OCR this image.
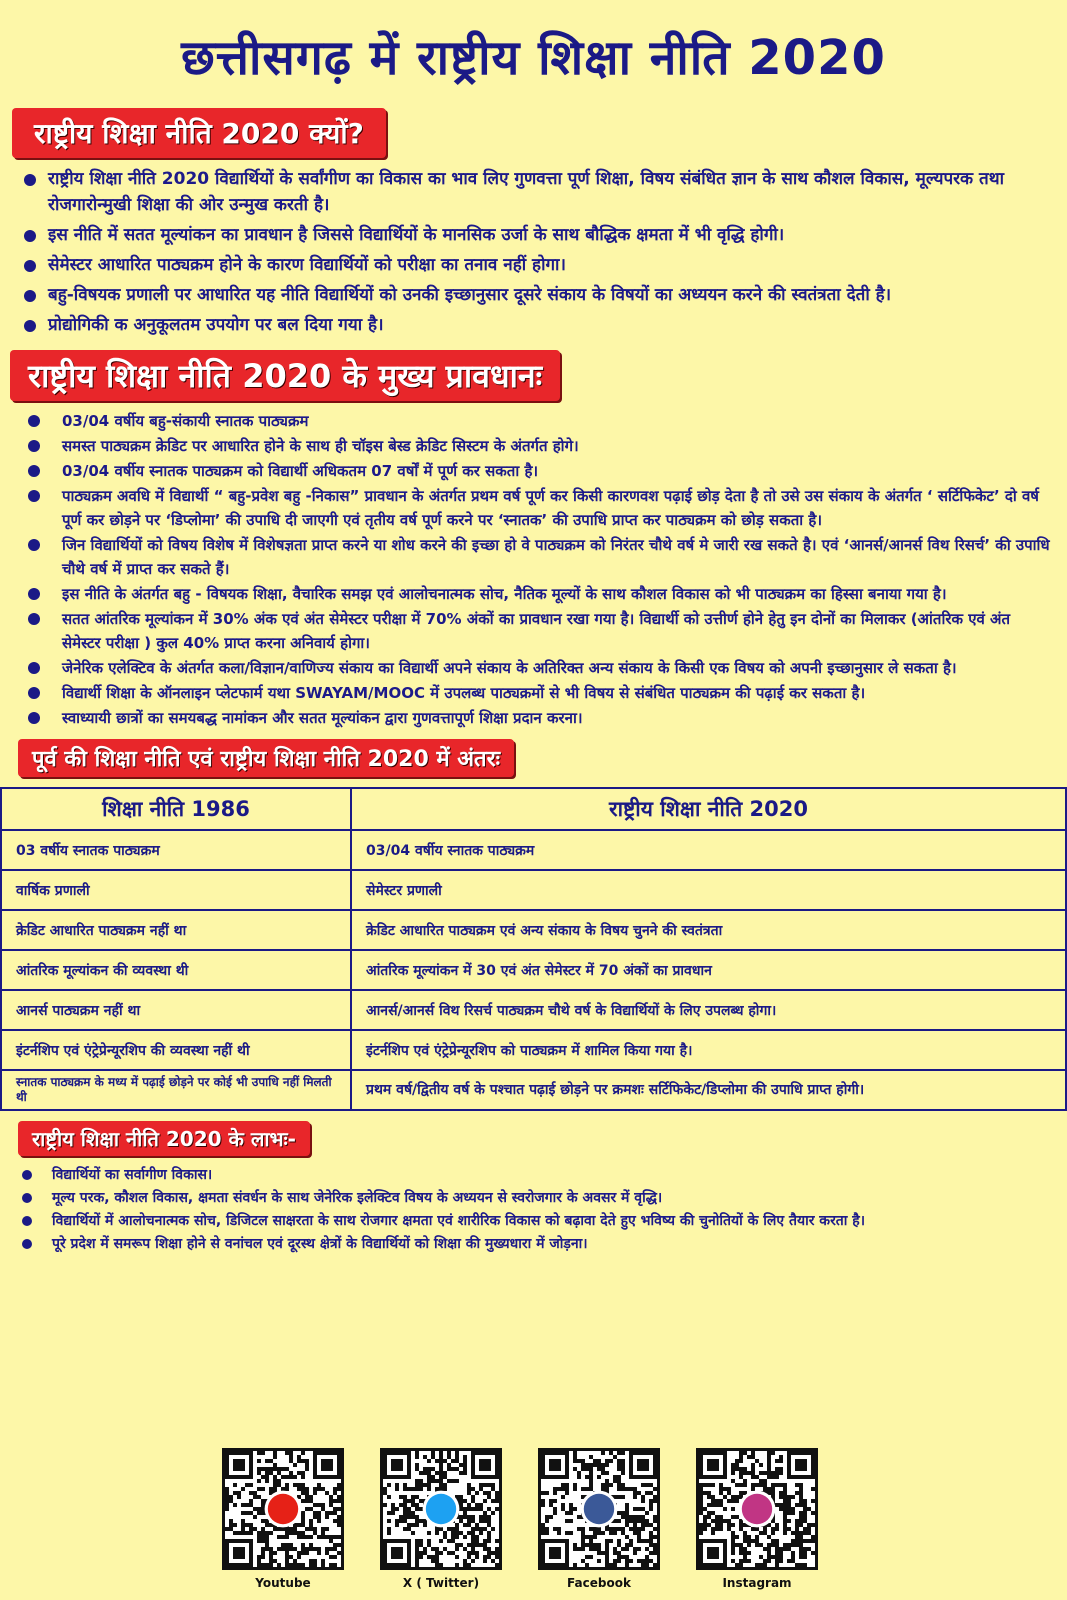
छत्तीसगढ़ में राष्ट्रीय शिक्षा नीति 2020
राष्ट्रीय शिक्षा नीति 2020 क्यों?
राष्ट्रीय शिक्षा नीति 2020 विद्यार्थियों के सर्वांगीण का विकास का भाव लिए गुणवत्ता पूर्ण शिक्षा, विषय संबंधित ज्ञान के साथ कौशल विकास, मूल्यपरक तथा रोजगारोन्मुखी शिक्षा की ओर उन्मुख करती है।
इस नीति में सतत मूल्यांकन का प्रावधान है जिससे विद्यार्थियों के मानसिक उर्जा के साथ बौद्धिक क्षमता में भी वृद्धि होगी।
सेमेस्टर आधारित पाठ्यक्रम होने के कारण विद्यार्थियों को परीक्षा का तनाव नहीं होगा।
बहु-विषयक प्रणाली पर आधारित यह नीति विद्यार्थियों को उनकी इच्छानुसार दूसरे संकाय के विषयों का अध्ययन करने की स्वतंत्रता देती है।
प्रोद्योगिकी क अनुकूलतम उपयोग पर बल दिया गया है।
राष्ट्रीय शिक्षा नीति 2020 के मुख्य प्रावधानः
03/04 वर्षीय बहु-संकायी स्नातक पाठ्यक्रम
समस्त पाठ्यक्रम क्रेडिट पर आधारित होने के साथ ही चॉइस बेस्ड क्रेडिट सिस्टम के अंतर्गत होगे।
03/04 वर्षीय स्नातक पाठ्यक्रम को विद्यार्थी अधिकतम 07 वर्षों में पूर्ण कर सकता है।
पाठ्यक्रम अवधि में विद्यार्थी “ बहु-प्रवेश बहु -निकास” प्रावधान के अंतर्गत प्रथम वर्ष पूर्ण कर किसी कारणवश पढ़ाई छोड़ देता है तो उसे उस संकाय के अंतर्गत ‘ सर्टिफिकेट’ दो वर्ष पूर्ण कर छोड़ने पर ‘डिप्लोमा’ की उपाधि दी जाएगी एवं तृतीय वर्ष पूर्ण करने पर ‘स्नातक’ की उपाधि प्राप्त कर पाठ्यक्रम को छोड़ सकता है।
जिन विद्यार्थियों को विषय विशेष में विशेषज्ञता प्राप्त करने या शोध करने की इच्छा हो वे पाठ्यक्रम को निरंतर चौथे वर्ष मे जारी रख सकते है। एवं ‘आनर्स/आनर्स विथ रिसर्च’ की उपाधि चौथे वर्ष में प्राप्त कर सकते हैं।
इस नीति के अंतर्गत बहु - विषयक शिक्षा, वैचारिक समझ एवं आलोचनात्मक सोच, नैतिक मूल्यों के साथ कौशल विकास को भी पाठ्यक्रम का हिस्सा बनाया गया है।
सतत आंतरिक मूल्यांकन में 30% अंक एवं अंत सेमेस्टर परीक्षा में 70% अंकों का प्रावधान रखा गया है। विद्यार्थी को उत्तीर्ण होने हेतु इन दोनों का मिलाकर (आंतरिक एवं अंत सेमेस्टर परीक्षा ) कुल 40% प्राप्त करना अनिवार्य होगा।
जेनेरिक एलेक्टिव के अंतर्गत कला/विज्ञान/वाणिज्य संकाय का विद्यार्थी अपने संकाय के अतिरिक्त अन्य संकाय के किसी एक विषय को अपनी इच्छानुसार ले सकता है।
विद्यार्थी शिक्षा के ऑनलाइन प्लेटफार्म यथा SWAYAM/MOOC में उपलब्ध पाठ्यक्रमों से भी विषय से संबंधित पाठ्यक्रम की पढ़ाई कर सकता है।
स्वाध्यायी छात्रों का समयबद्ध नामांकन और सतत मूल्यांकन द्वारा गुणवत्तापूर्ण शिक्षा प्रदान करना।
पूर्व की शिक्षा नीति एवं राष्ट्रीय शिक्षा नीति 2020 में अंतरः
शिक्षा नीति 1986	राष्ट्रीय शिक्षा नीति 2020
03 वर्षीय स्नातक पाठ्यक्रम	03/04 वर्षीय स्नातक पाठ्यक्रम
वार्षिक प्रणाली	सेमेस्टर प्रणाली
क्रेडिट आधारित पाठ्यक्रम नहीं था	क्रेडिट आधारित पाठ्यक्रम एवं अन्य संकाय के विषय चुनने की स्वतंत्रता
आंतरिक मूल्यांकन की व्यवस्था थी	आंतरिक मूल्यांकन में 30 एवं अंत सेमेस्टर में 70 अंकों का प्रावधान
आनर्स पाठ्यक्रम नहीं था	आनर्स/आनर्स विथ रिसर्च पाठ्यक्रम चौथे वर्ष के विद्यार्थियों के लिए उपलब्ध होगा।
इंटर्नशिप एवं एंट्रेप्रेन्यूरशिप की व्यवस्था नहीं थी	इंटर्नशिप एवं एंट्रेप्रेन्यूरशिप को पाठ्यक्रम में शामिल किया गया है।
स्नातक पाठ्यक्रम के मध्य में पढ़ाई छोड़ने पर कोई भी उपाधि नहीं मिलती थी	प्रथम वर्ष/द्वितीय वर्ष के पश्चात पढ़ाई छोड़ने पर क्रमशः सर्टिफिकेट/डिप्लोमा की उपाधि प्राप्त होगी।
राष्ट्रीय शिक्षा नीति 2020 के लाभः-
विद्यार्थियों का सर्वागीण विकास।
मूल्य परक, कौशल विकास, क्षमता संवर्धन के साथ जेनेरिक इलेक्टिव विषय के अध्ययन से स्वरोजगार के अवसर में वृद्धि।
विद्यार्थियों में आलोचनात्मक सोच, डिजिटल साक्षरता के साथ रोजगार क्षमता एवं शारीरिक विकास को बढ़ावा देते हुए भविष्य की चुनोतियों के लिए तैयार करता है।
पूरे प्रदेश में समरूप शिक्षा होने से वनांचल एवं दूरस्थ क्षेत्रों के विद्यार्थियों को शिक्षा की मुख्यधारा में जोड़ना।
Youtube	X ( Twitter)	Facebook	Instagram
